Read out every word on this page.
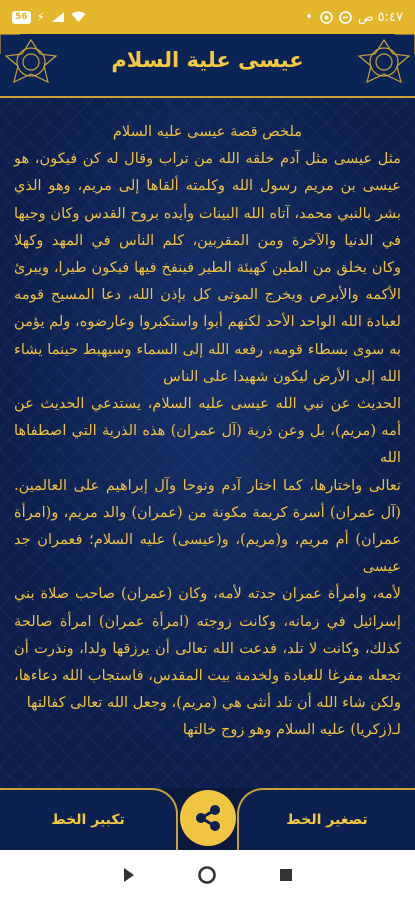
56 ⚡	•	٥:٤٧ ص
عيسى علية السلام

ملخص قصة عيسى عليه السلام

مثل عيسى مثل آدم خلقه الله من تراب وقال له كن فيكون، هو عيسى بن مريم رسول الله وكلمته ألقاها إلى مريم، وهو الذي بشر بالنبي محمد، آتاه الله البينات وأيده بروح القدس وكان وجيها في الدنيا والآخرة ومن المقربين، كلم الناس في المهد وكهلا وكان يخلق من الطين كهيئة الطير فينفخ فيها فيكون طيرا، ويبرئ الأكمه والأبرص ويخرج الموتى كل بإذن الله، دعا المسيح قومه لعبادة الله الواحد الأحد لكنهم أبوا واستكبروا وعارضوه، ولم يؤمن به سوى بسطاء قومه، رفعه الله إلى السماء وسيهبط حينما يشاء الله إلى الأرض ليكون شهيدا على الناس

الحديث عن نبي الله عيسى عليه السلام، يستدعي الحديث عن أمه (مريم)، بل وعن ذرية (آل عمران) هذه الذرية التي اصطفاها الله

تعالى واختارها، كما اختار آدم ونوحا وآل إبراهيم على العالمين. (آل عمران) أسرة كريمة مكونة من (عمران) والد مريم، و(امرأة عمران) أم مريم، و(مريم)، و(عيسى) عليه السلام؛ فعمران جد عيسى

لأمه، وامرأة عمران جدته لأمه، وكان (عمران) صاحب صلاة بني إسرائيل في زمانه، وكانت زوجته (امرأة عمران) امرأة صالحة كذلك، وكانت لا تلد، فدعت الله تعالى أن يرزقها ولدا، ونذرت أن تجعله مفرغا للعبادة ولخدمة بيت المقدس، فاستجاب الله دعاءها، ولكن شاء الله أن تلد أنثى هي (مريم)، وجعل الله تعالى كفالتها

لـ(زكريا) عليه السلام وهو زوج خالتها

تكبير الخط	تصغير الخط
